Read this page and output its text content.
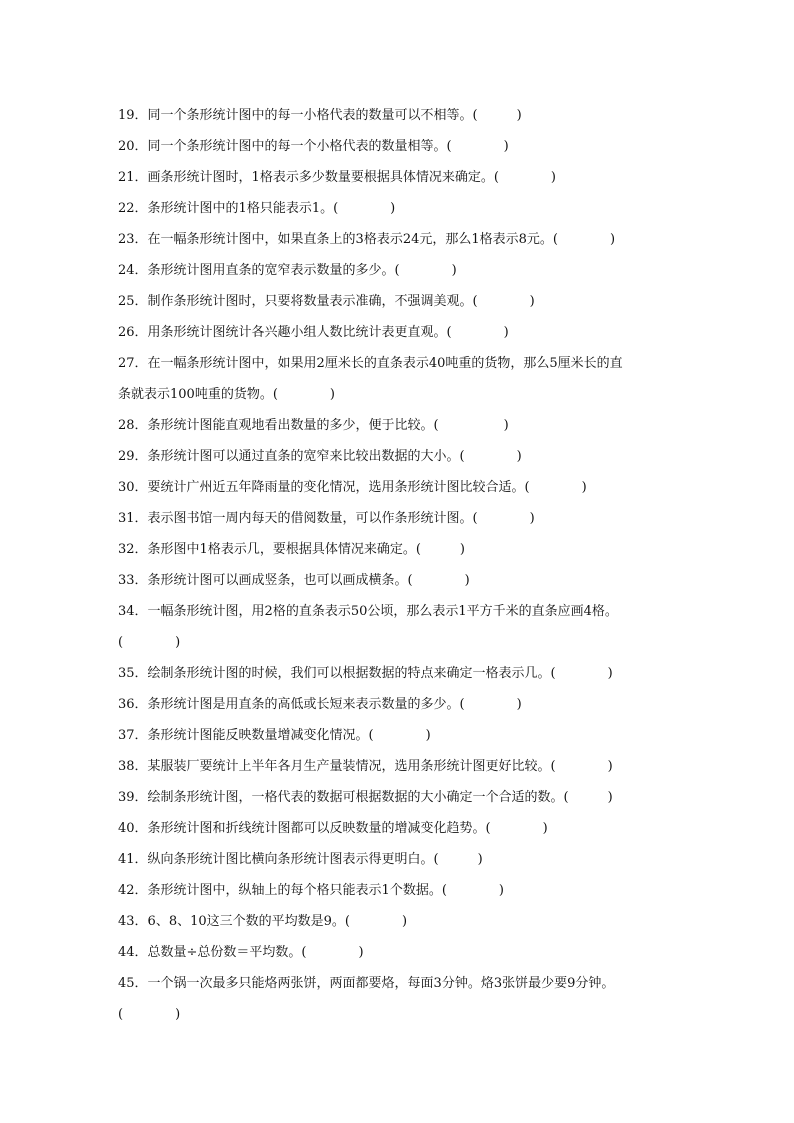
19．同一个条形统计图中的每一小格代表的数量可以不相等。(　　　)
20．同一个条形统计图中的每一个小格代表的数量相等。(　　　　)
21．画条形统计图时，1格表示多少数量要根据具体情况来确定。(　　　　)
22．条形统计图中的1格只能表示1。(　　　　)
23．在一幅条形统计图中，如果直条上的3格表示24元，那么1格表示8元。(　　　　)
24．条形统计图用直条的宽窄表示数量的多少。(　　　　)
25．制作条形统计图时，只要将数量表示准确，不强调美观。(　　　　)
26．用条形统计图统计各兴趣小组人数比统计表更直观。(　　　　)
27．在一幅条形统计图中，如果用2厘米长的直条表示40吨重的货物，那么5厘米长的直
条就表示100吨重的货物。(　　　　)
28．条形统计图能直观地看出数量的多少，便于比较。(　　　　　)
29．条形统计图可以通过直条的宽窄来比较出数据的大小。(　　　　)
30．要统计广州近五年降雨量的变化情况，选用条形统计图比较合适。(　　　　)
31．表示图书馆一周内每天的借阅数量，可以作条形统计图。(　　　　)
32．条形图中1格表示几，要根据具体情况来确定。(　　　)
33．条形统计图可以画成竖条，也可以画成横条。(　　　　)
34．一幅条形统计图，用2格的直条表示50公顷，那么表示1平方千米的直条应画4格。
(　　　　)
35．绘制条形统计图的时候，我们可以根据数据的特点来确定一格表示几。(　　　　)
36．条形统计图是用直条的高低或长短来表示数量的多少。(　　　　)
37．条形统计图能反映数量增减变化情况。(　　　　)
38．某服装厂要统计上半年各月生产量装情况，选用条形统计图更好比较。(　　　　)
39．绘制条形统计图，一格代表的数据可根据数据的大小确定一个合适的数。(　　　)
40．条形统计图和折线统计图都可以反映数量的增减变化趋势。(　　　　)
41．纵向条形统计图比横向条形统计图表示得更明白。(　　　)
42．条形统计图中，纵轴上的每个格只能表示1个数据。(　　　　)
43．6、8、10这三个数的平均数是9。(　　　　)
44．总数量÷总份数＝平均数。(　　　　)
45．一个锅一次最多只能烙两张饼，两面都要烙，每面3分钟。烙3张饼最少要9分钟。
(　　　　)
